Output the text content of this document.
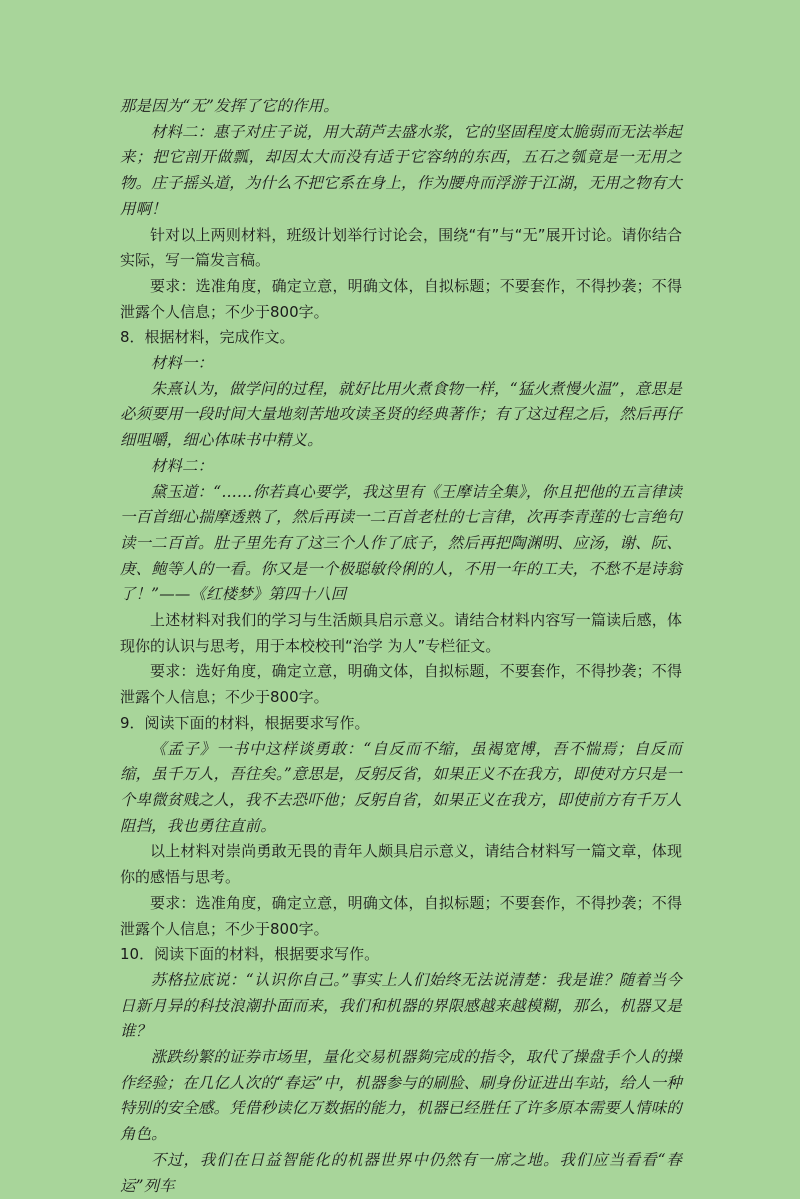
那是因为“无”发挥了它的作用。

材料二：惠子对庄子说，用大葫芦去盛水浆，它的坚固程度太脆弱而无法举起来；把它剖开做瓢，却因太大而没有适于它容纳的东西，五石之瓠竟是一无用之物。庄子摇头道，为什么不把它系在身上，作为腰舟而浮游于江湖，无用之物有大用啊！

针对以上两则材料，班级计划举行讨论会，围绕“有”与“无”展开讨论。请你结合实际，写一篇发言稿。

要求：选准角度，确定立意，明确文体，自拟标题；不要套作，不得抄袭；不得泄露个人信息；不少于800字。

8．根据材料，完成作文。

材料一：

朱熹认为，做学问的过程，就好比用火煮食物一样，“猛火煮慢火温”，意思是必须要用一段时间大量地刻苦地攻读圣贤的经典著作；有了这过程之后，然后再仔细咀嚼，细心体味书中精义。

材料二：

黛玉道：“……你若真心要学，我这里有《王摩诘全集》，你且把他的五言律读一百首细心揣摩透熟了，然后再读一二百首老杜的七言律，次再李青莲的七言绝句读一二百首。肚子里先有了这三个人作了底子，然后再把陶渊明、应汤，谢、阮、庚、鲍等人的一看。你又是一个极聪敏伶俐的人，不用一年的工夫，不愁不是诗翁了！”——《红楼梦》第四十八回

上述材料对我们的学习与生活颇具启示意义。请结合材料内容写一篇读后感，体现你的认识与思考，用于本校校刊“治学 为人”专栏征文。

要求：选好角度，确定立意，明确文体，自拟标题，不要套作，不得抄袭；不得泄露个人信息；不少于800字。

9．阅读下面的材料，根据要求写作。

《孟子》一书中这样谈勇敢：“自反而不缩，虽褐宽博，吾不惴焉；自反而缩，虽千万人，吾往矣。”意思是，反躬反省，如果正义不在我方，即使对方只是一个卑微贫贱之人，我不去恐吓他；反躬自省，如果正义在我方，即使前方有千万人阻挡，我也勇往直前。

以上材料对崇尚勇敢无畏的青年人颇具启示意义，请结合材料写一篇文章，体现你的感悟与思考。

要求：选准角度，确定立意，明确文体，自拟标题；不要套作，不得抄袭；不得泄露个人信息；不少于800字。

10．阅读下面的材料，根据要求写作。

苏格拉底说：“认识你自己。”事实上人们始终无法说清楚：我是谁？随着当今日新月异的科技浪潮扑面而来，我们和机器的界限感越来越模糊，那么，机器又是谁？

涨跌纷繁的证券市场里，量化交易机器夠完成的指令，取代了操盘手个人的操作经验；在几亿人次的“春运”中，机器参与的刷脸、刷身份证进出车站，给人一种特别的安全感。凭借秒读亿万数据的能力，机器已经胜任了许多原本需要人情味的角色。

不过，我们在日益智能化的机器世界中仍然有一席之地。我们应当看看“春运”列车
